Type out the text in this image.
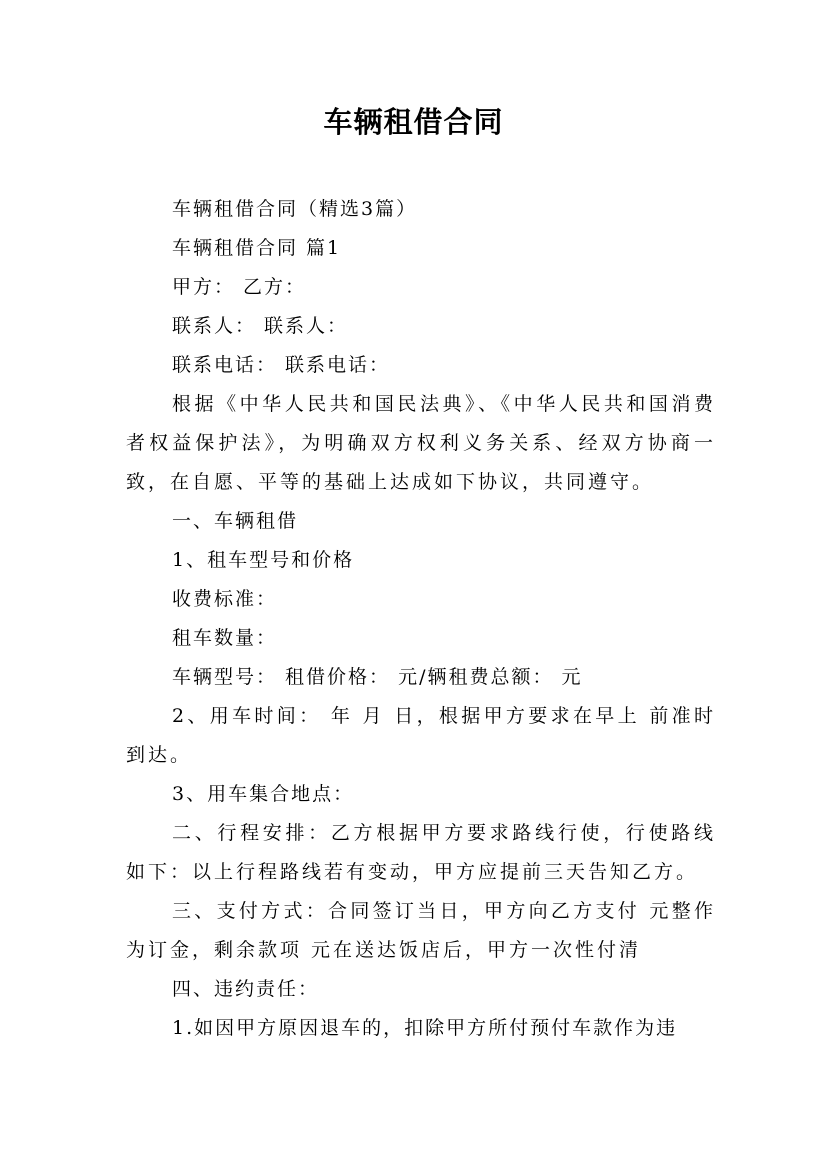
车辆租借合同

车辆租借合同（精选3篇）

车辆租借合同 篇1

甲方： 乙方：

联系人： 联系人：

联系电话： 联系电话：

根据《中华人民共和国民法典》、《中华人民共和国消费者权益保护法》，为明确双方权利义务关系、经双方协商一致，在自愿、平等的基础上达成如下协议，共同遵守。

一、车辆租借

1、租车型号和价格

收费标准：

租车数量：

车辆型号： 租借价格： 元/辆租费总额： 元

2、用车时间： 年 月 日，根据甲方要求在早上 前准时到达。

3、用车集合地点：

二、行程安排：乙方根据甲方要求路线行使，行使路线如下：以上行程路线若有变动，甲方应提前三天告知乙方。

三、支付方式：合同签订当日，甲方向乙方支付 元整作为订金，剩余款项 元在送达饭店后，甲方一次性付清

四、违约责任：

1.如因甲方原因退车的，扣除甲方所付预付车款作为违
